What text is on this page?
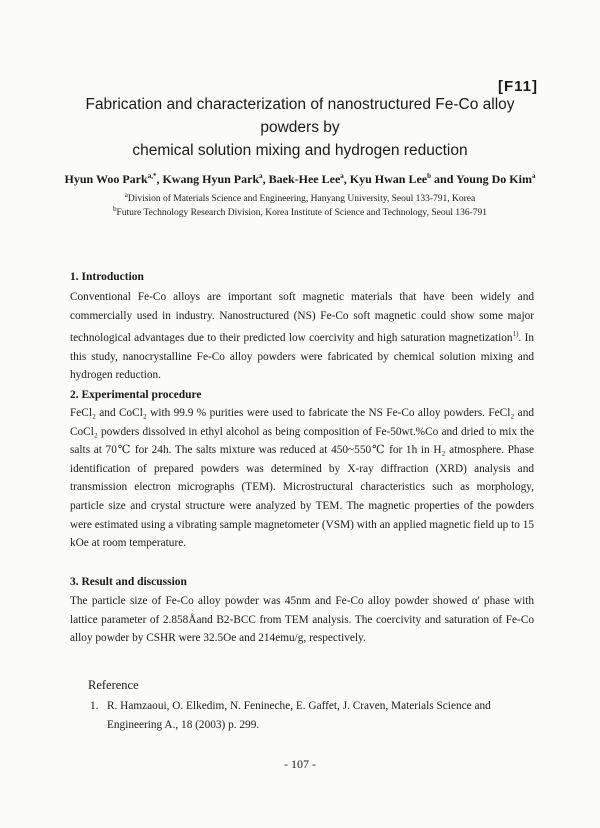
[F11]
Fabrication and characterization of nanostructured Fe-Co alloy powders by
chemical solution mixing and hydrogen reduction
Hyun Woo Park$^{a,*}$, Kwang Hyun Park$^a$, Baek-Hee Lee$^a$, Kyu Hwan Lee$^b$ and Young Do Kim$^a$
$^a$Division of Materials Science and Engineering, Hanyang University, Seoul 133-791, Korea
$^b$Future Technology Research Division, Korea Institute of Science and Technology, Seoul 136-791
1. Introduction
Conventional Fe-Co alloys are important soft magnetic materials that have been widely and commercially used in industry. Nanostructured (NS) Fe-Co soft magnetic could show some major technological advantages due to their predicted low coercivity and high saturation magnetization$^{1)}$. In this study, nanocrystalline Fe-Co alloy powders were fabricated by chemical solution mixing and hydrogen reduction.
2. Experimental procedure
FeCl₂ and CoCl₂ with 99.9 % purities were used to fabricate the NS Fe-Co alloy powders. FeCl₂ and CoCl₂ powders dissolved in ethyl alcohol as being composition of Fe-50wt.%Co and dried to mix the salts at 70℃ for 24h. The salts mixture was reduced at 450~550℃ for 1h in H₂ atmosphere. Phase identification of prepared powders was determined by X-ray diffraction (XRD) analysis and transmission electron micrographs (TEM). Microstructural characteristics such as morphology, particle size and crystal structure were analyzed by TEM. The magnetic properties of the powders were estimated using a vibrating sample magnetometer (VSM) with an applied magnetic field up to 15 kOe at room temperature.
3. Result and discussion
The particle size of Fe-Co alloy powder was 45nm and Fe-Co alloy powder showed α' phase with lattice parameter of 2.858Åand B2-BCC from TEM analysis. The coercivity and saturation of Fe-Co alloy powder by CSHR were 32.5Oe and 214emu/g, respectively.
Reference
1. R. Hamzaoui, O. Elkedim, N. Fenineche, E. Gaffet, J. Craven, Materials Science and Engineering A., 18 (2003) p. 299.
- 107 -
